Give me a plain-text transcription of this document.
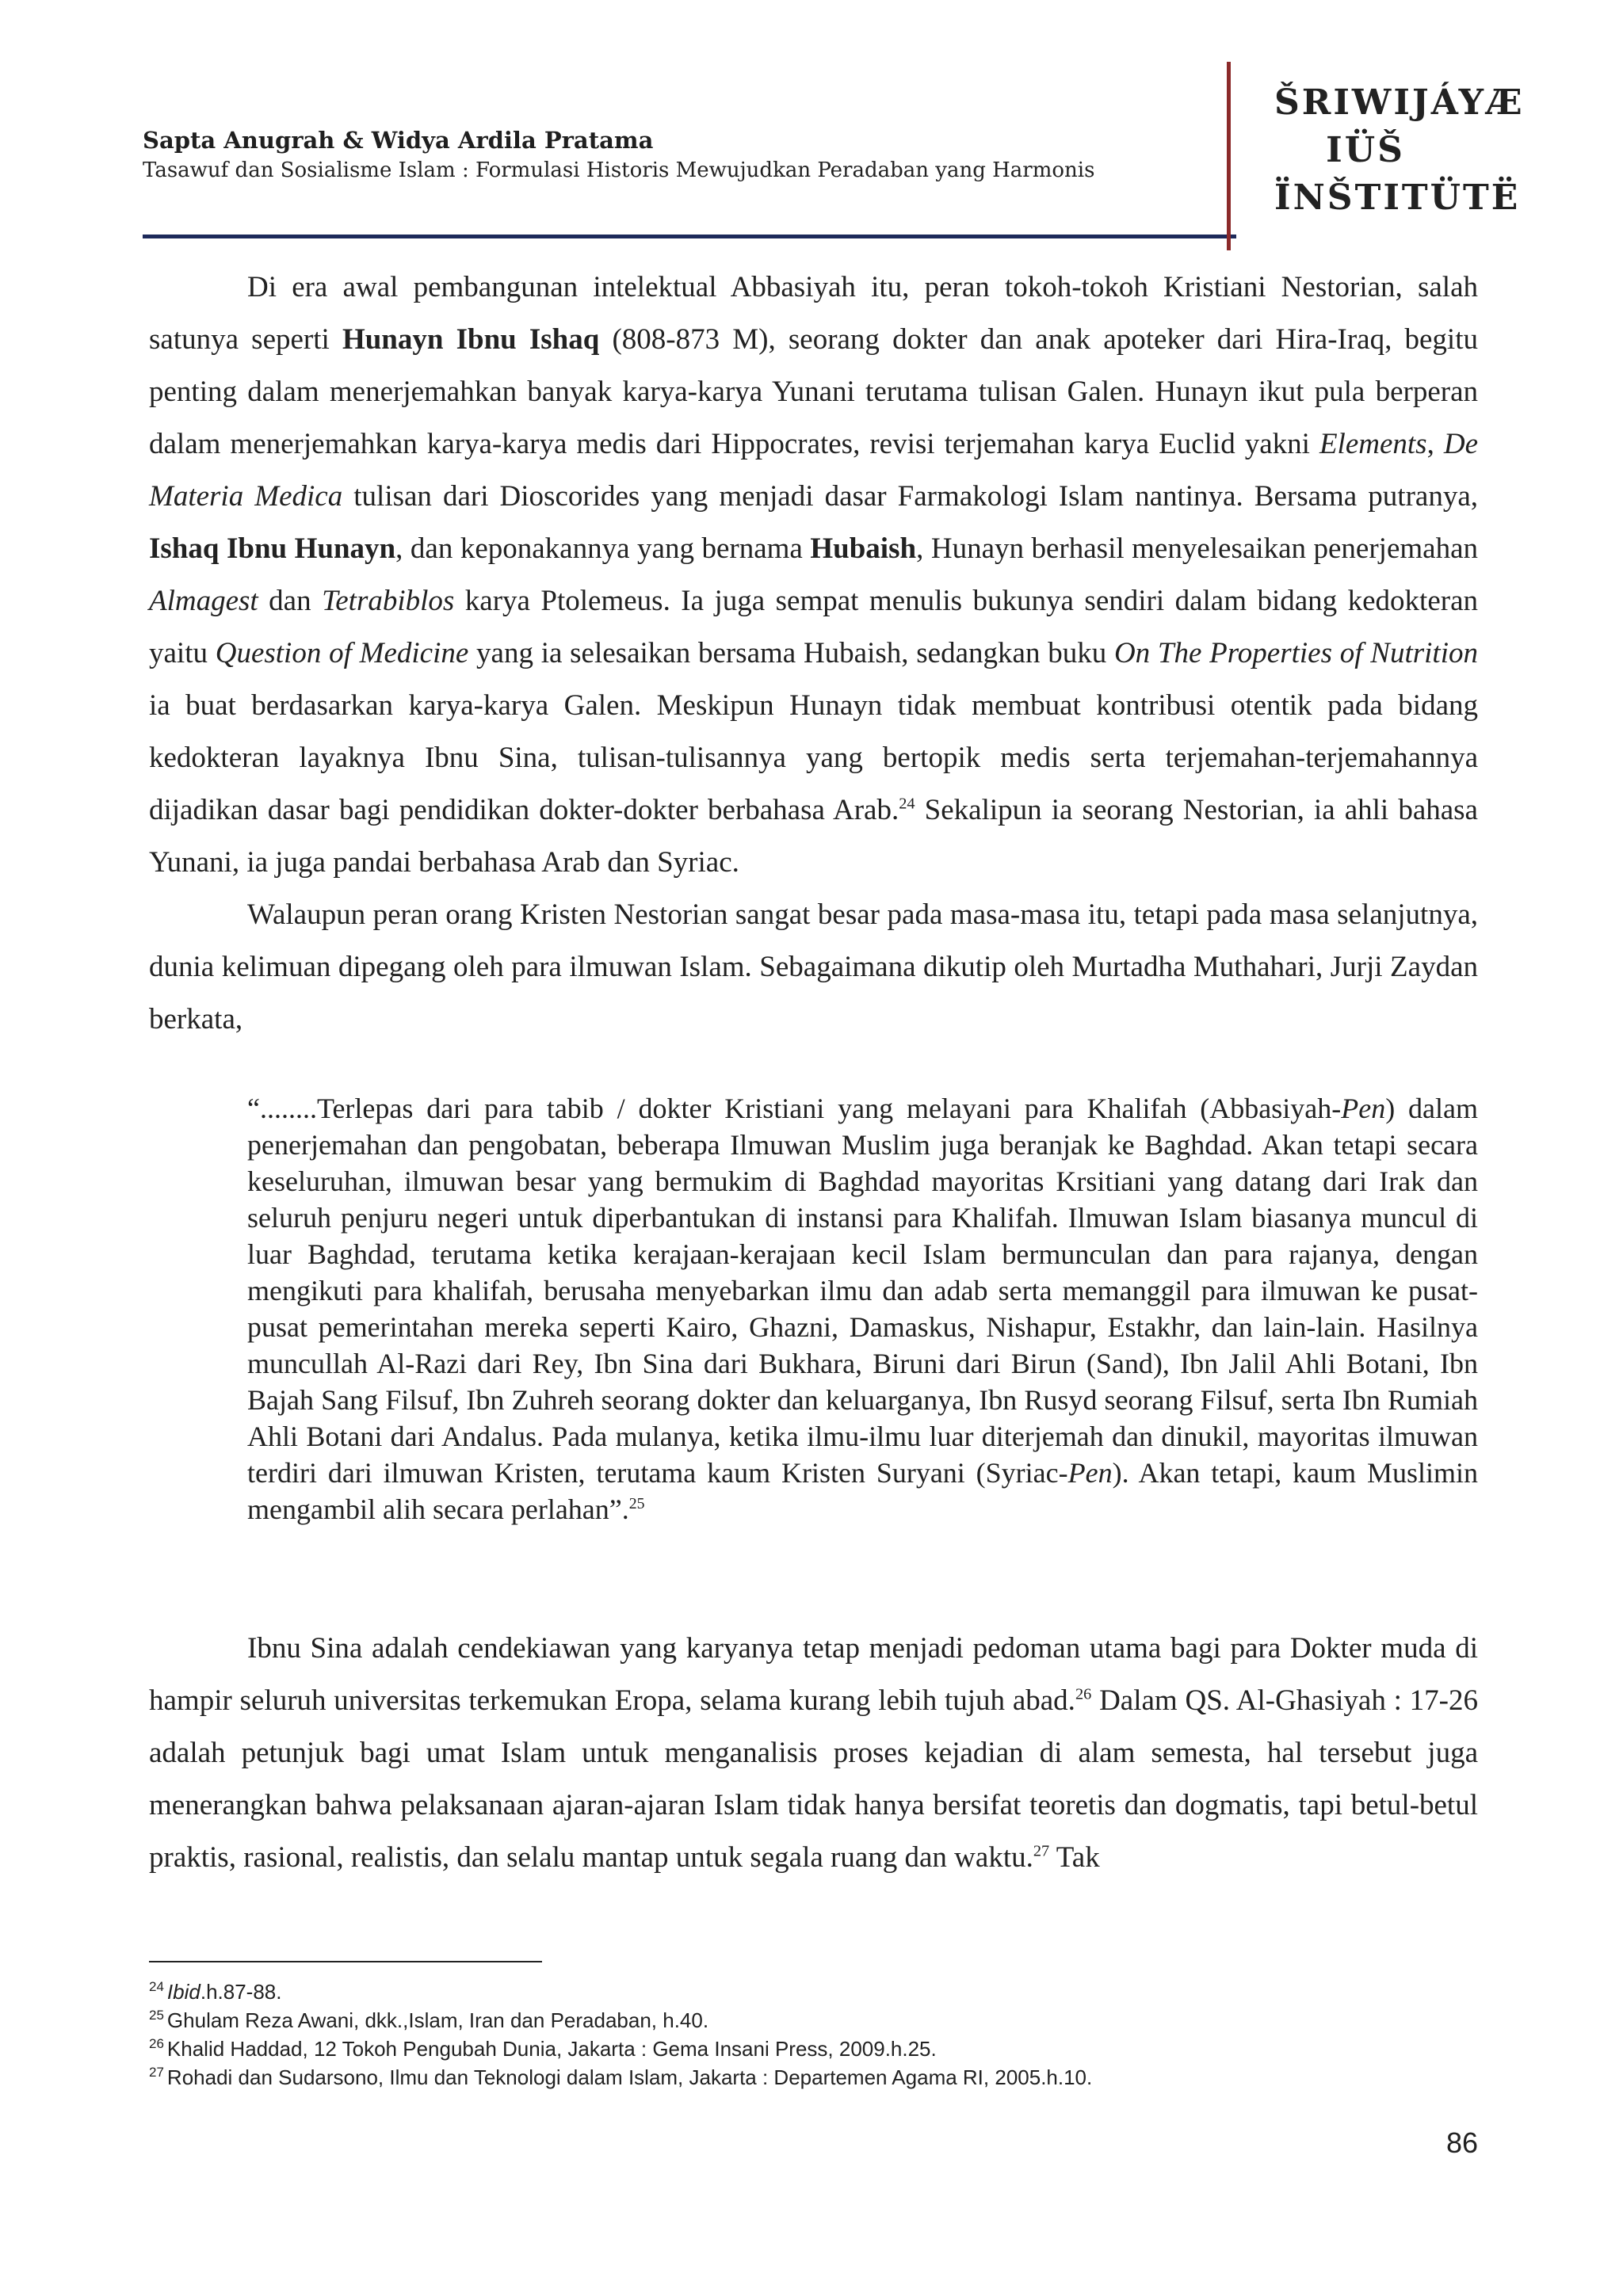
Sapta Anugrah & Widya Ardila Pratama
Tasawuf dan Sosialisme Islam : Formulasi Historis Mewujudkan Peradaban yang Harmonis
ŠRIWIJÁYÆ
IÜŠ
ÏNŠTITÜTË

Di era awal pembangunan intelektual Abbasiyah itu, peran tokoh-tokoh Kristiani Nestorian, salah satunya seperti Hunayn Ibnu Ishaq (808-873 M), seorang dokter dan anak apoteker dari Hira-Iraq, begitu penting dalam menerjemahkan banyak karya-karya Yunani terutama tulisan Galen. Hunayn ikut pula berperan dalam menerjemahkan karya-karya medis dari Hippocrates, revisi terjemahan karya Euclid yakni Elements, De Materia Medica tulisan dari Dioscorides yang menjadi dasar Farmakologi Islam nantinya. Bersama putranya, Ishaq Ibnu Hunayn, dan keponakannya yang bernama Hubaish, Hunayn berhasil menyelesaikan penerjemahan Almagest dan Tetrabiblos karya Ptolemeus. Ia juga sempat menulis bukunya sendiri dalam bidang kedokteran yaitu Question of Medicine yang ia selesaikan bersama Hubaish, sedangkan buku On The Properties of Nutrition ia buat berdasarkan karya-karya Galen. Meskipun Hunayn tidak membuat kontribusi otentik pada bidang kedokteran layaknya Ibnu Sina, tulisan-tulisannya yang bertopik medis serta terjemahan-terjemahannya dijadikan dasar bagi pendidikan dokter-dokter berbahasa Arab.$^{24}$ Sekalipun ia seorang Nestorian, ia ahli bahasa Yunani, ia juga pandai berbahasa Arab dan Syriac.

Walaupun peran orang Kristen Nestorian sangat besar pada masa-masa itu, tetapi pada masa selanjutnya, dunia kelimuan dipegang oleh para ilmuwan Islam. Sebagaimana dikutip oleh Murtadha Muthahari, Jurji Zaydan berkata,

“........Terlepas dari para tabib / dokter Kristiani yang melayani para Khalifah (Abbasiyah-Pen) dalam penerjemahan dan pengobatan, beberapa Ilmuwan Muslim juga beranjak ke Baghdad. Akan tetapi secara keseluruhan, ilmuwan besar yang bermukim di Baghdad mayoritas Krsitiani yang datang dari Irak dan seluruh penjuru negeri untuk diperbantukan di instansi para Khalifah. Ilmuwan Islam biasanya muncul di luar Baghdad, terutama ketika kerajaan-kerajaan kecil Islam bermunculan dan para rajanya, dengan mengikuti para khalifah, berusaha menyebarkan ilmu dan adab serta memanggil para ilmuwan ke pusat-pusat pemerintahan mereka seperti Kairo, Ghazni, Damaskus, Nishapur, Estakhr, dan lain-lain. Hasilnya muncullah Al-Razi dari Rey, Ibn Sina dari Bukhara, Biruni dari Birun (Sand), Ibn Jalil Ahli Botani, Ibn Bajah Sang Filsuf, Ibn Zuhreh seorang dokter dan keluarganya, Ibn Rusyd seorang Filsuf, serta Ibn Rumiah Ahli Botani dari Andalus. Pada mulanya, ketika ilmu-ilmu luar diterjemah dan dinukil, mayoritas ilmuwan terdiri dari ilmuwan Kristen, terutama kaum Kristen Suryani (Syriac-Pen). Akan tetapi, kaum Muslimin mengambil alih secara perlahan”.$^{25}$

Ibnu Sina adalah cendekiawan yang karyanya tetap menjadi pedoman utama bagi para Dokter muda di hampir seluruh universitas terkemukan Eropa, selama kurang lebih tujuh abad.$^{26}$ Dalam QS. Al-Ghasiyah : 17-26 adalah petunjuk bagi umat Islam untuk menganalisis proses kejadian di alam semesta, hal tersebut juga menerangkan bahwa pelaksanaan ajaran-ajaran Islam tidak hanya bersifat teoretis dan dogmatis, tapi betul-betul praktis, rasional, realistis, dan selalu mantap untuk segala ruang dan waktu.$^{27}$ Tak

$^{24}$ Ibid.h.87-88.
$^{25}$ Ghulam Reza Awani, dkk.,Islam, Iran dan Peradaban, h.40.
$^{26}$ Khalid Haddad, 12 Tokoh Pengubah Dunia, Jakarta : Gema Insani Press, 2009.h.25.
$^{27}$ Rohadi dan Sudarsono, Ilmu dan Teknologi dalam Islam, Jakarta : Departemen Agama RI, 2005.h.10.
86
